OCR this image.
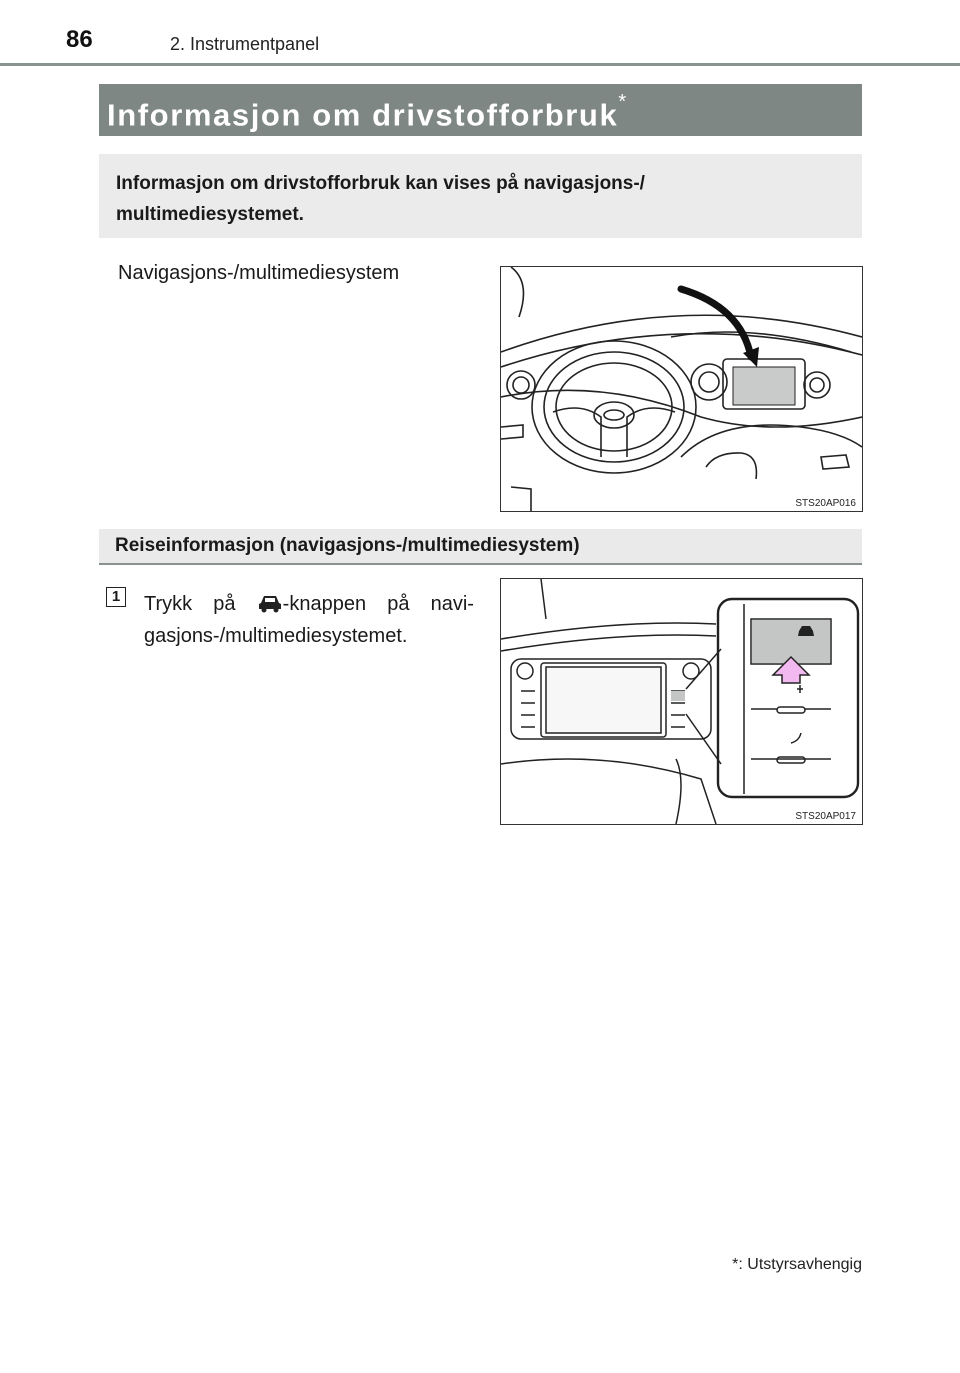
86	2. Instrumentpanel
Informasjon om drivstofforbruk*
Informasjon om drivstofforbruk kan vises på navigasjons-/
multimediesystemet.
Navigasjons-/multimediesystem
STS20AP016
Reiseinformasjon (navigasjons-/multimediesystem)
1 Trykk på	-knappen på navi-
gasjons-/multimediesystemet.
STS20AP017
*: Utstyrsavhengig
